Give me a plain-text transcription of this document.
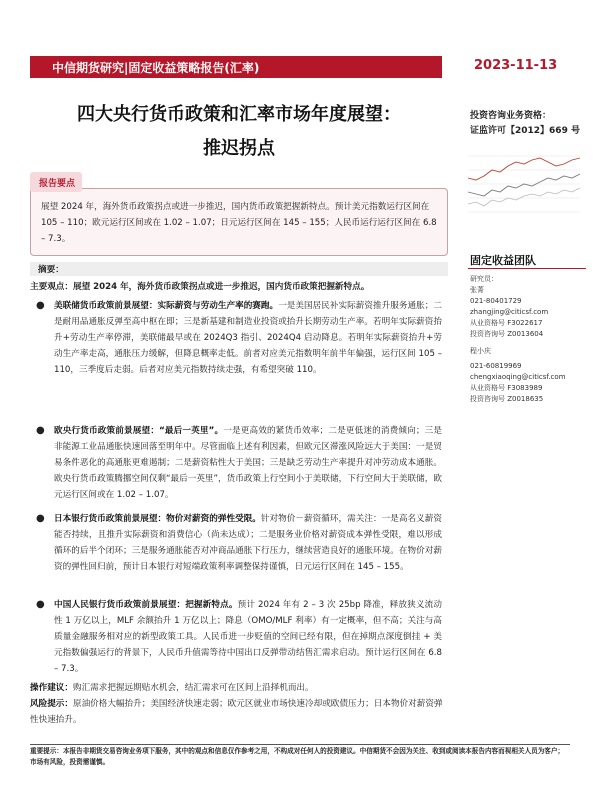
中信期货研究|固定收益策略报告(汇率)	2023-11-13
四大央行货币政策和汇率市场年度展望：
推迟拐点
投资咨询业务资格：
证监许可【2012】669 号
固定收益团队
研究员：
张菁
021-80401729
zhangjing@citicsf.com
从业资格号 F3022617
投资咨询号 Z0013604
程小庆
021-60819969
chengxiaoqing@citicsf.com
从业资格号 F3083989
投资咨询号 Z0018635

展望 2024 年，海外货币政策拐点或进一步推迟，国内货币政策把握新特点。预计美元指数运行区间在 105 – 110；欧元运行区间或在 1.02 – 1.07；日元运行区间在 145 – 155；人民币运行运行区间在 6.8 – 7.3。

报告要点
摘要：
主要观点：展望 2024 年，海外货币政策拐点或进一步推迟，国内货币政策把握新特点。
● 美联储货币政策前景展望：实际薪资与劳动生产率的赛跑。一是美国居民补实际薪资推升服务通胀；二是耐用品通胀反弹至高中枢在即；三是新基建和制造业投资或抬升长期劳动生产率。若明年实际薪资抬升+劳动生产率停滞，美联储最早或在 2024Q3 指引、2024Q4 启动降息。若明年实际薪资抬升+劳动生产率走高，通胀压力缓解，但降息概率走低。前者对应美元指数明年前半年偏强，运行区间 105 – 110，三季度后走弱。后者对应美元指数持续走强，有希望突破 110。
● 欧央行货币政策前景展望：“最后一英里”。一是更高效的紧货币效率；二是更低迷的消费倾向；三是非能源工业品通胀快速回落至明年中。尽管面临上述有利因素，但欧元区滞涨风险远大于美国：一是贸易条件恶化的高通胀更难遏制；二是薪资粘性大于美国；三是缺乏劳动生产率提升对冲劳动成本通胀。欧央行货币政策腾挪空间仅剩“最后一英里”，货币政策上行空间小于美联储，下行空间大于美联储，欧元运行区间或在 1.02 – 1.07。
● 日本银行货币政策前景展望：物价对薪资的弹性受限。针对物价－薪资循环，需关注：一是高名义薪资能否持续，且推升实际薪资和消费信心（尚未达成）；二是服务业价格对薪资成本弹性受限，难以形成循环的后半个闭环；三是服务通胀能否对冲商品通胀下行压力，继续营造良好的通胀环境。在物价对薪资的弹性回归前，预计日本银行对短端政策利率调整保持谨慎，日元运行区间在 145 – 155。
● 中国人民银行货币政策前景展望：把握新特点。预计 2024 年有 2 – 3 次 25bp 降准，释放狭义流动性 1 万亿以上，MLF 余额抬升 1 万亿以上；降息（OMO/MLF 利率）有一定概率，但不高；关注与高质量金融服务相对应的新型政策工具。人民币进一步贬值的空间已经有限，但在掉期点深度倒挂 + 美元指数偏强运行的背景下，人民币升值需等待中国出口反弹带动结售汇需求启动。预计运行区间在 6.8 – 7.3。
操作建议：购汇需求把握远期贴水机会，结汇需求可在区间上沿择机而出。
风险提示：原油价格大幅抬升；美国经济快速走弱；欧元区就业市场快速冷却或欧债压力；日本物价对薪资弹性快速抬升。
重要提示：本报告非期货交易咨询业务项下服务，其中的观点和信息仅作参考之用，不构成对任何人的投资建议。中信期货不会因为关注、收到或阅读本报告内容而视相关人员为客户；市场有风险，投资需谨慎。
